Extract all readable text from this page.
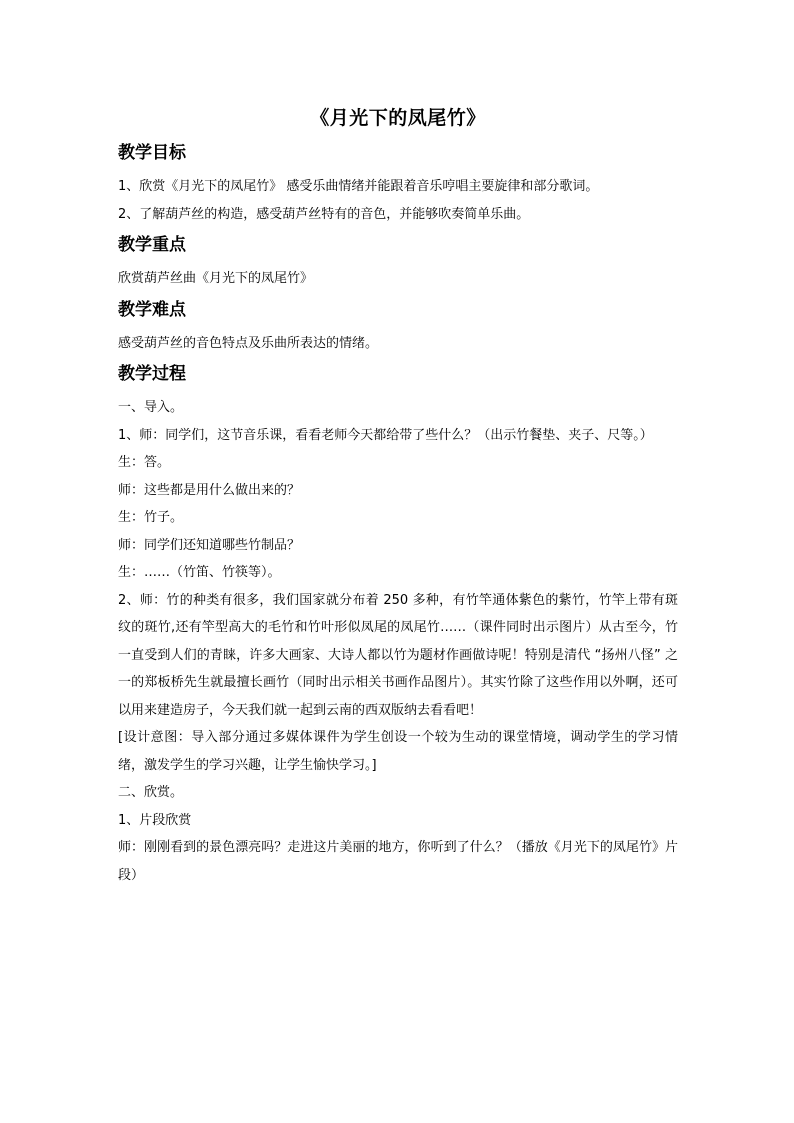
《月光下的凤尾竹》
教学目标

1、欣赏《月光下的凤尾竹》 感受乐曲情绪并能跟着音乐哼唱主要旋律和部分歌词。

2、了解葫芦丝的构造，感受葫芦丝特有的音色，并能够吹奏简单乐曲。

教学重点

欣赏葫芦丝曲《月光下的凤尾竹》

教学难点

感受葫芦丝的音色特点及乐曲所表达的情绪。

教学过程

一、导入。

1、师：同学们，这节音乐课，看看老师今天都给带了些什么？（出示竹餐垫、夹子、尺等。）

生：答。

师：这些都是用什么做出来的？

生：竹子。

师：同学们还知道哪些竹制品？

生：……（竹笛、竹筷等）。

2、师：竹的种类有很多，我们国家就分布着 250 多种，有竹竿通体紫色的紫竹，竹竿上带有斑纹的斑竹,还有竿型高大的毛竹和竹叶形似凤尾的凤尾竹……（课件同时出示图片）从古至今，竹一直受到人们的青睐，许多大画家、大诗人都以竹为题材作画做诗呢！特别是清代 “扬州八怪” 之一的郑板桥先生就最擅长画竹（同时出示相关书画作品图片）。其实竹除了这些作用以外啊，还可以用来建造房子，今天我们就一起到云南的西双版纳去看看吧！

[设计意图：导入部分通过多媒体课件为学生创设一个较为生动的课堂情境，调动学生的学习情绪，激发学生的学习兴趣，让学生愉快学习。]

二、欣赏。

1、片段欣赏

师：刚刚看到的景色漂亮吗？走进这片美丽的地方，你听到了什么？（播放《月光下的凤尾竹》片段）
